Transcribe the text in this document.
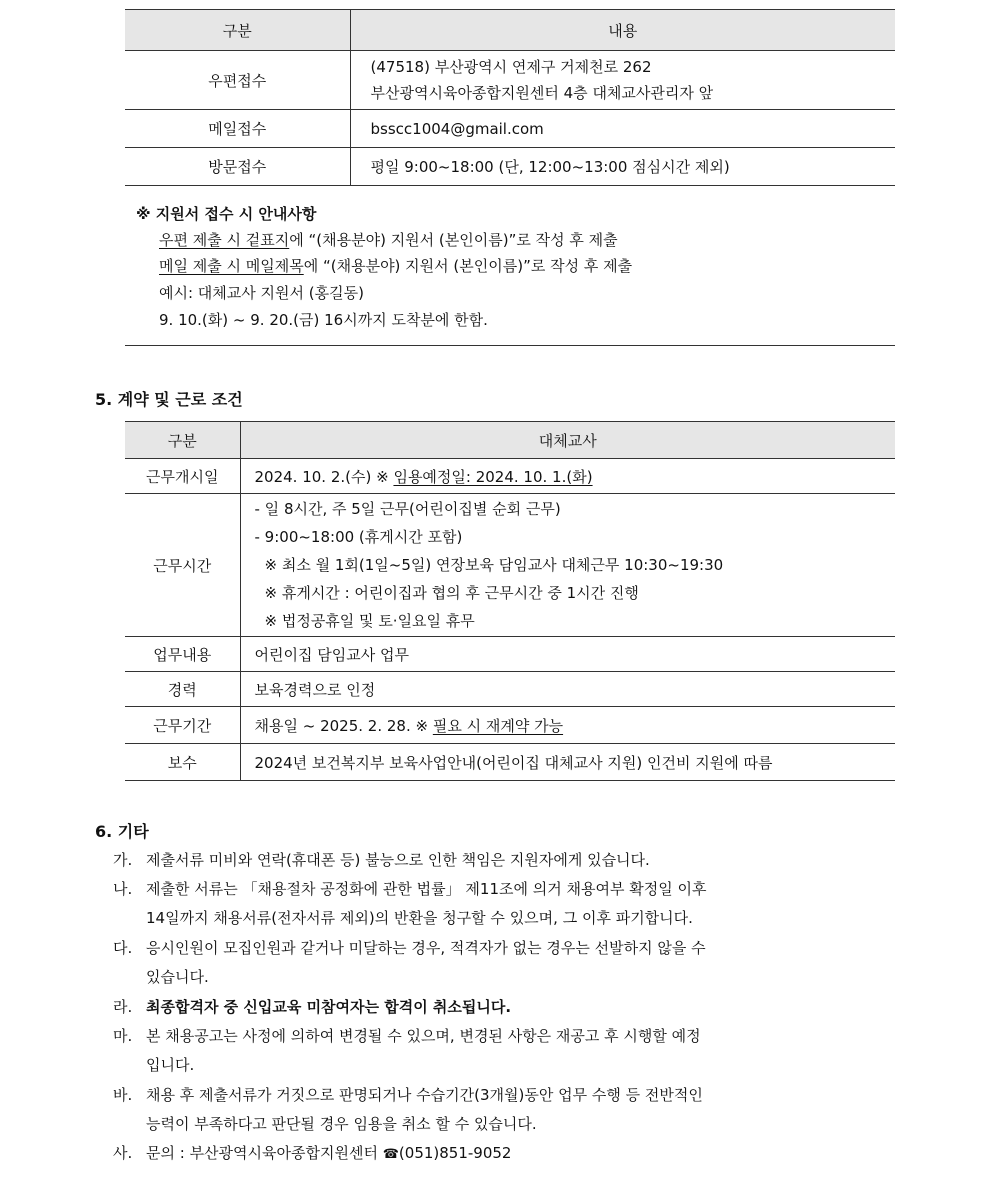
구분	내용
우편접수	(47518) 부산광역시 연제구 거제천로 262
부산광역시육아종합지원센터 4층 대체교사관리자 앞

메일접수	bsscc1004@gmail.com
방문접수	평일 9:00~18:00 (단, 12:00~13:00 점심시간 제외)
※ 지원서 접수 시 안내사항
우편 제출 시 겉표지에 “(채용분야) 지원서 (본인이름)”로 작성 후 제출
메일 제출 시 메일제목에 “(채용분야) 지원서 (본인이름)”로 작성 후 제출
예시: 대체교사 지원서 (홍길동)
9. 10.(화) ~ 9. 20.(금) 16시까지 도착분에 한함.
5. 계약 및 근로 조건
구분	대체교사
근무개시일	2024. 10. 2.(수) ※ 임용예정일: 2024. 10. 1.(화)
근무시간	- 일 8시간, 주 5일 근무(어린이집별 순회 근무)
- 9:00~18:00 (휴게시간 포함)
※ 최소 월 1회(1일~5일) 연장보육 담임교사 대체근무 10:30~19:30
※ 휴게시간 : 어린이집과 협의 후 근무시간 중 1시간 진행
※ 법정공휴일 및 토·일요일 휴무

업무내용	어린이집 담임교사 업무
경력	보육경력으로 인정
근무기간	채용일 ~ 2025. 2. 28. ※ 필요 시 재계약 가능
보수	2024년 보건복지부 보육사업안내(어린이집 대체교사 지원) 인건비 지원에 따름
6. 기타
가. 제출서류 미비와 연락(휴대폰 등) 불능으로 인한 책임은 지원자에게 있습니다.
나. 제출한 서류는 「채용절차 공정화에 관한 법률」 제11조에 의거 채용여부 확정일 이후
14일까지 채용서류(전자서류 제외)의 반환을 청구할 수 있으며, 그 이후 파기합니다.
다. 응시인원이 모집인원과 같거나 미달하는 경우, 적격자가 없는 경우는 선발하지 않을 수
있습니다.
라. 최종합격자 중 신입교육 미참여자는 합격이 취소됩니다.
마. 본 채용공고는 사정에 의하여 변경될 수 있으며, 변경된 사항은 재공고 후 시행할 예정
입니다.
바. 채용 후 제출서류가 거짓으로 판명되거나 수습기간(3개월)동안 업무 수행 등 전반적인
능력이 부족하다고 판단될 경우 임용을 취소 할 수 있습니다.
사. 문의 : 부산광역시육아종합지원센터 ☎(051)851-9052
